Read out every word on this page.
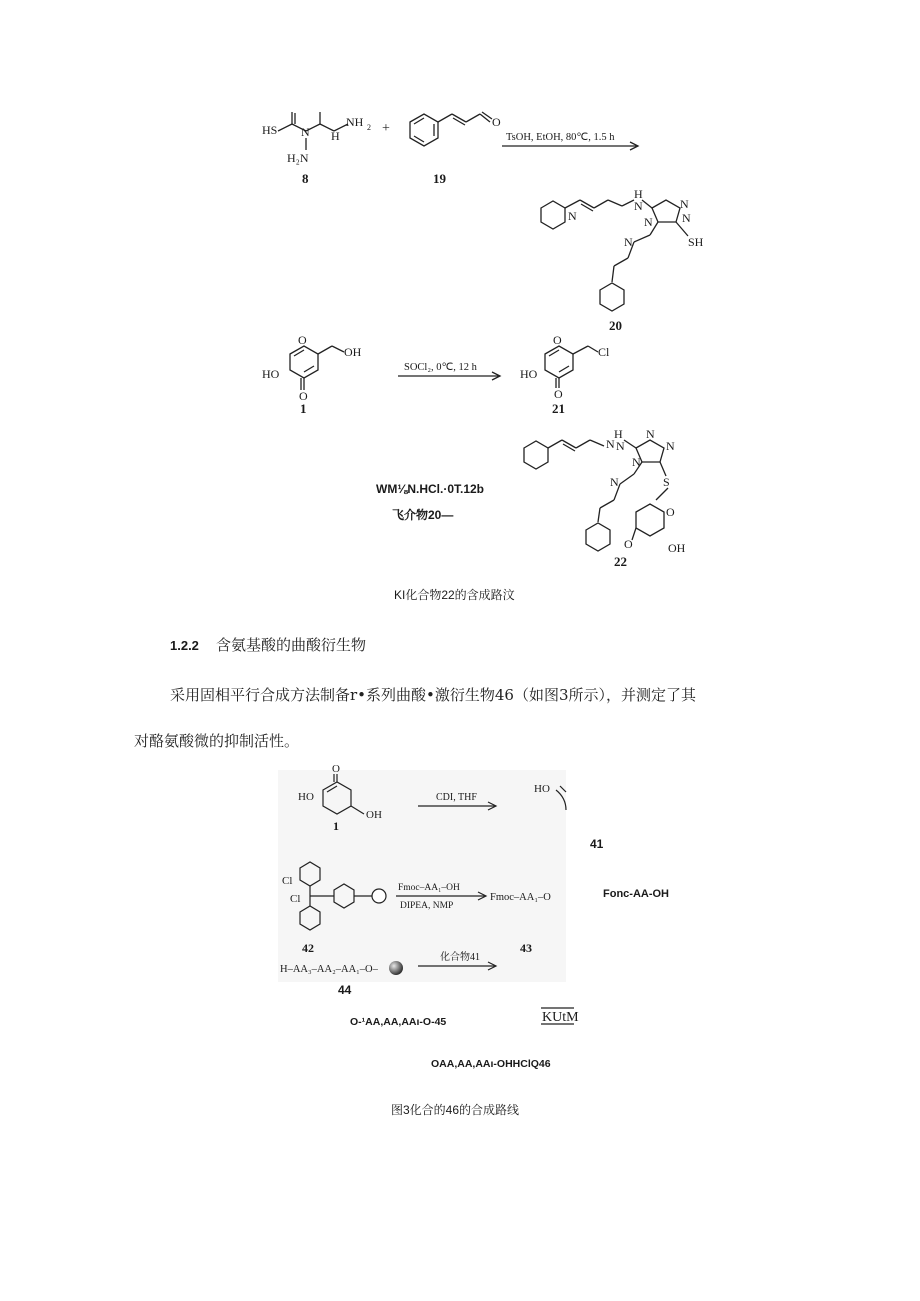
HS N H
NH 2
H₂N
+	O
N
H
N	N
N
N
N	SH
O
OH
HO
O
O
Cl
HO
O
N
H
N
N
N
N
N	S
O
O	OH
8	19
20
1	21
22
TsOH, EtOH, 80℃, 1.5 h
SOCl₂, 0℃, 12 h
WM⅛N.HCl.·0T.12b
飞介物20—
KI化合物22的含成路汶
1.2.2 含氨基酸的曲酸衍生物
采用固相平行合成方法制备r•系列曲酸•激衍生物46（如图3所示），并测定了其
对酪氨酸微的抑制活性。
O
HO
OH
CDI, THF
HO
Cl
Cl
Fmoc–AA₁–OH
DIPEA, NMP
Fmoc–AA₁–O
H–AA₃–AA₂–AA₁–O–
化合物41
1
42	43
41
44
KUtM
Fonc-AA-OH
O-¹AA,AA,AAı-O-45
OAA,AA,AAı-OHHClQ46
图3化合的46的合成路线
